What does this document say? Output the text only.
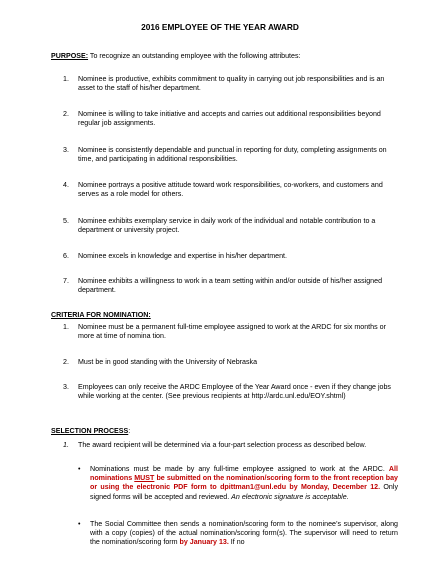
2016 EMPLOYEE OF THE YEAR AWARD
PURPOSE: To recognize an outstanding employee with the following attributes:
1. Nominee is productive, exhibits commitment to quality in carrying out job responsibilities and is an asset to the staff of his/her department.
2. Nominee is willing to take initiative and accepts and carries out additional responsibilities beyond regular job assignments.
3. Nominee is consistently dependable and punctual in reporting for duty, completing assignments on time, and participating in additional responsibilities.
4. Nominee portrays a positive attitude toward work responsibilities, co-workers, and customers and serves as a role model for others.
5. Nominee exhibits exemplary service in daily work of the individual and notable contribution to a department or university project.
6. Nominee excels in knowledge and expertise in his/her department.
7. Nominee exhibits a willingness to work in a team setting within and/or outside of his/her assigned department.
CRITERIA FOR NOMINATION:
1. Nominee must be a permanent full-time employee assigned to work at the ARDC for six months or more at time of nomina tion.
2. Must be in good standing with the University of Nebraska
3. Employees can only receive the ARDC Employee of the Year Award once - even if they change jobs while working at the center. (See previous recipients at http://ardc.unl.edu/EOY.shtml)
SELECTION PROCESS:
1. The award recipient will be determined via a four-part selection process as described below.
• Nominations must be made by any full-time employee assigned to work at the ARDC. All nominations MUST be submitted on the nomination/scoring form to the front reception bay or using the electronic PDF form to dpittman1@unl.edu by Monday, December 12. Only signed forms will be accepted and reviewed. An electronic signature is acceptable.
• The Social Committee then sends a nomination/scoring form to the nominee’s supervisor, along with a copy (copies) of the actual nomination/scoring form(s). The supervisor will need to return the nomination/scoring form by January 13. If no
